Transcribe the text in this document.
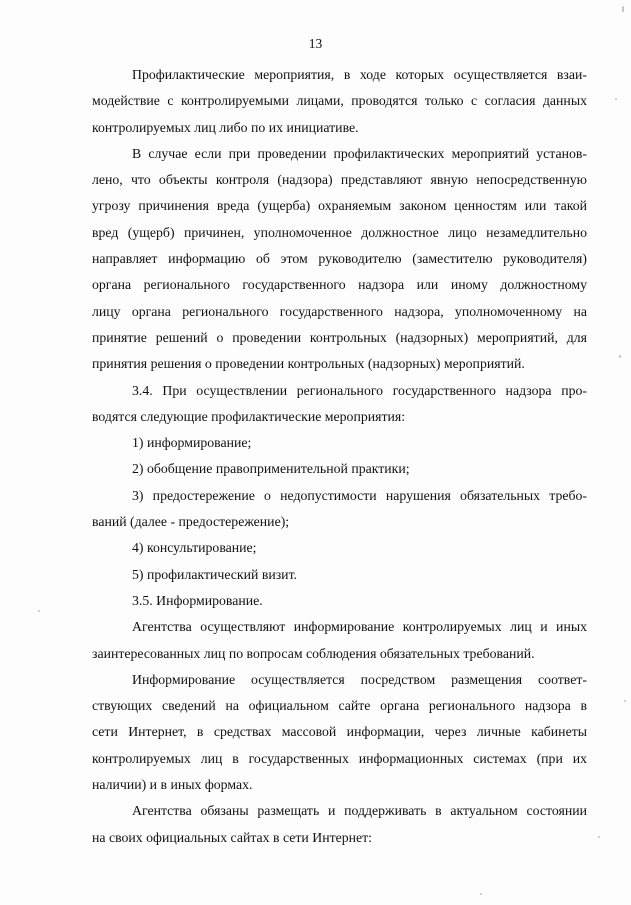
13
Профилактические мероприятия, в ходе которых осуществляется взаи-
модействие с контролируемыми лицами, проводятся только с согласия данных
контролируемых лиц либо по их инициативе.
В случае если при проведении профилактических мероприятий установ-
лено, что объекты контроля (надзора) представляют явную непосредственную
угрозу причинения вреда (ущерба) охраняемым законом ценностям или такой
вред (ущерб) причинен, уполномоченное должностное лицо незамедлительно
направляет информацию об этом руководителю (заместителю руководителя)
органа регионального государственного надзора или иному должностному
лицу органа регионального государственного надзора, уполномоченному на
принятие решений о проведении контрольных (надзорных) мероприятий, для
принятия решения о проведении контрольных (надзорных) мероприятий.
3.4. При осуществлении регионального государственного надзора про-
водятся следующие профилактические мероприятия:
1) информирование;
2) обобщение правоприменительной практики;
3) предостережение о недопустимости нарушения обязательных требо-
ваний (далее - предостережение);
4) консультирование;
5) профилактический визит.
3.5. Информирование.
Агентства осуществляют информирование контролируемых лиц и иных
заинтересованных лиц по вопросам соблюдения обязательных требований.
Информирование осуществляется посредством размещения соответ-
ствующих сведений на официальном сайте органа регионального надзора в
сети Интернет, в средствах массовой информации, через личные кабинеты
контролируемых лиц в государственных информационных системах (при их
наличии) и в иных формах.
Агентства обязаны размещать и поддерживать в актуальном состоянии
на своих официальных сайтах в сети Интернет:
